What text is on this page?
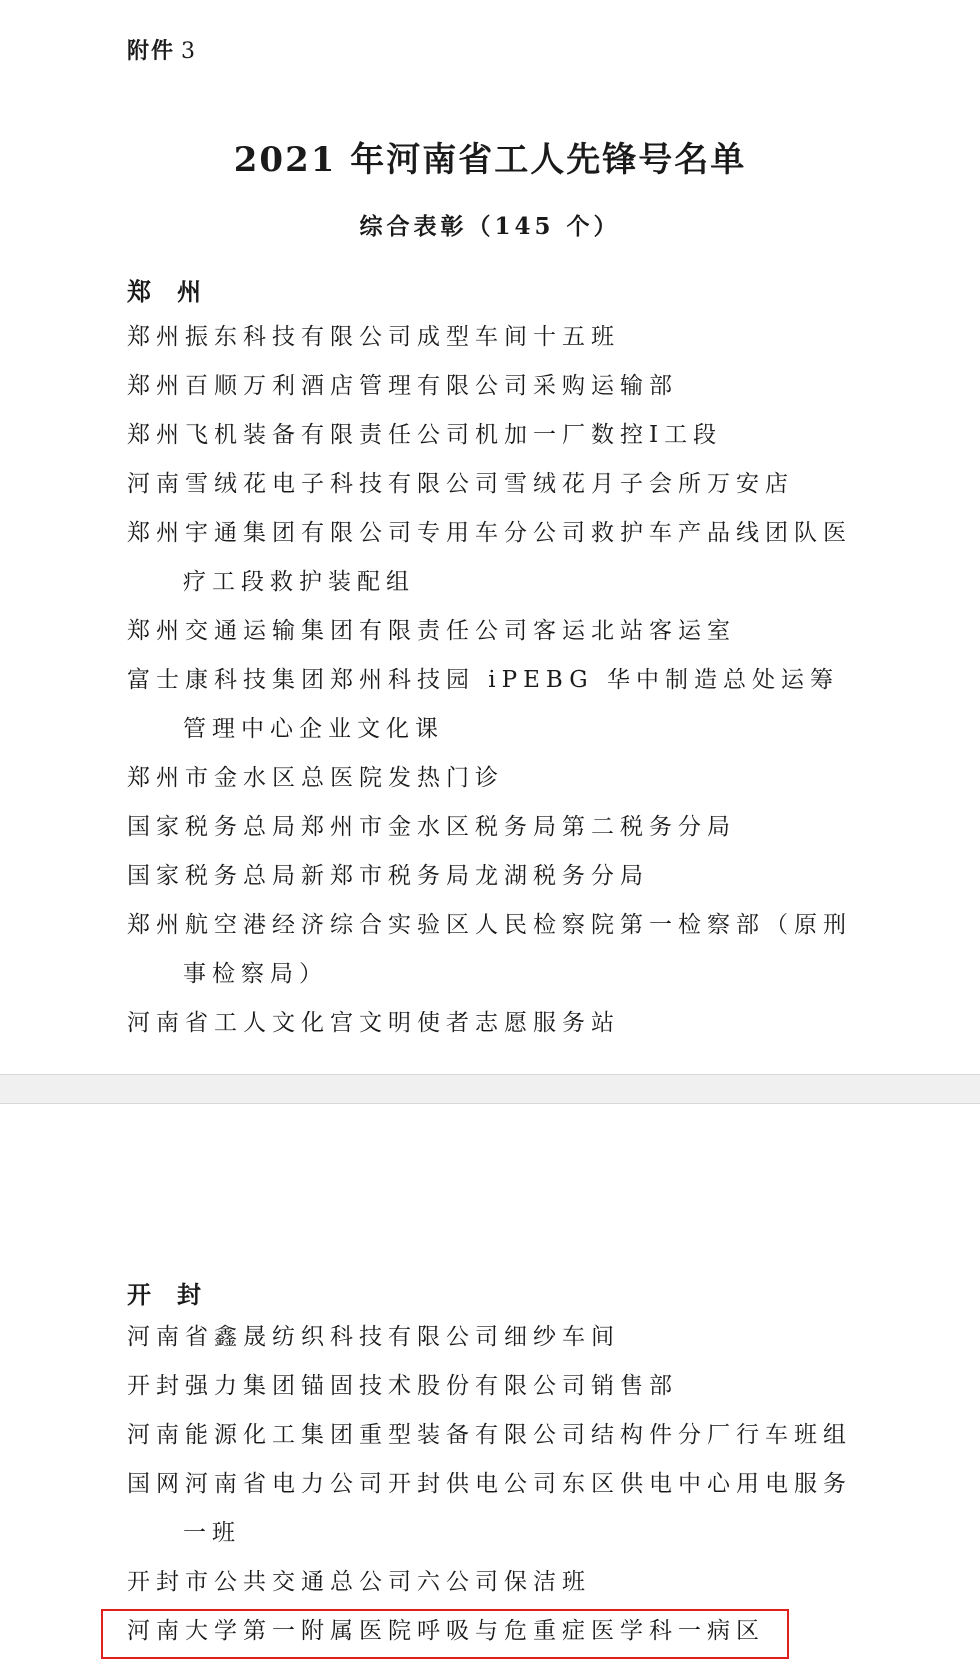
附件 3
2021 年河南省工人先锋号名单
综合表彰（145 个）
郑州
郑州振东科技有限公司成型车间十五班
郑州百顺万利酒店管理有限公司采购运输部
郑州飞机装备有限责任公司机加一厂数控Ⅰ工段
河南雪绒花电子科技有限公司雪绒花月子会所万安店
郑州宇通集团有限公司专用车分公司救护车产品线团队医疗工段救护装配组
郑州交通运输集团有限责任公司客运北站客运室
富士康科技集团郑州科技园 iPEBG 华中制造总处运筹管理中心企业文化课
郑州市金水区总医院发热门诊
国家税务总局郑州市金水区税务局第二税务分局
国家税务总局新郑市税务局龙湖税务分局
郑州航空港经济综合实验区人民检察院第一检察部（原刑事检察局）
河南省工人文化宫文明使者志愿服务站
开封
河南省鑫晟纺织科技有限公司细纱车间
开封强力集团锚固技术股份有限公司销售部
河南能源化工集团重型装备有限公司结构件分厂行车班组
国网河南省电力公司开封供电公司东区供电中心用电服务一班
开封市公共交通总公司六公司保洁班
河南大学第一附属医院呼吸与危重症医学科一病区
